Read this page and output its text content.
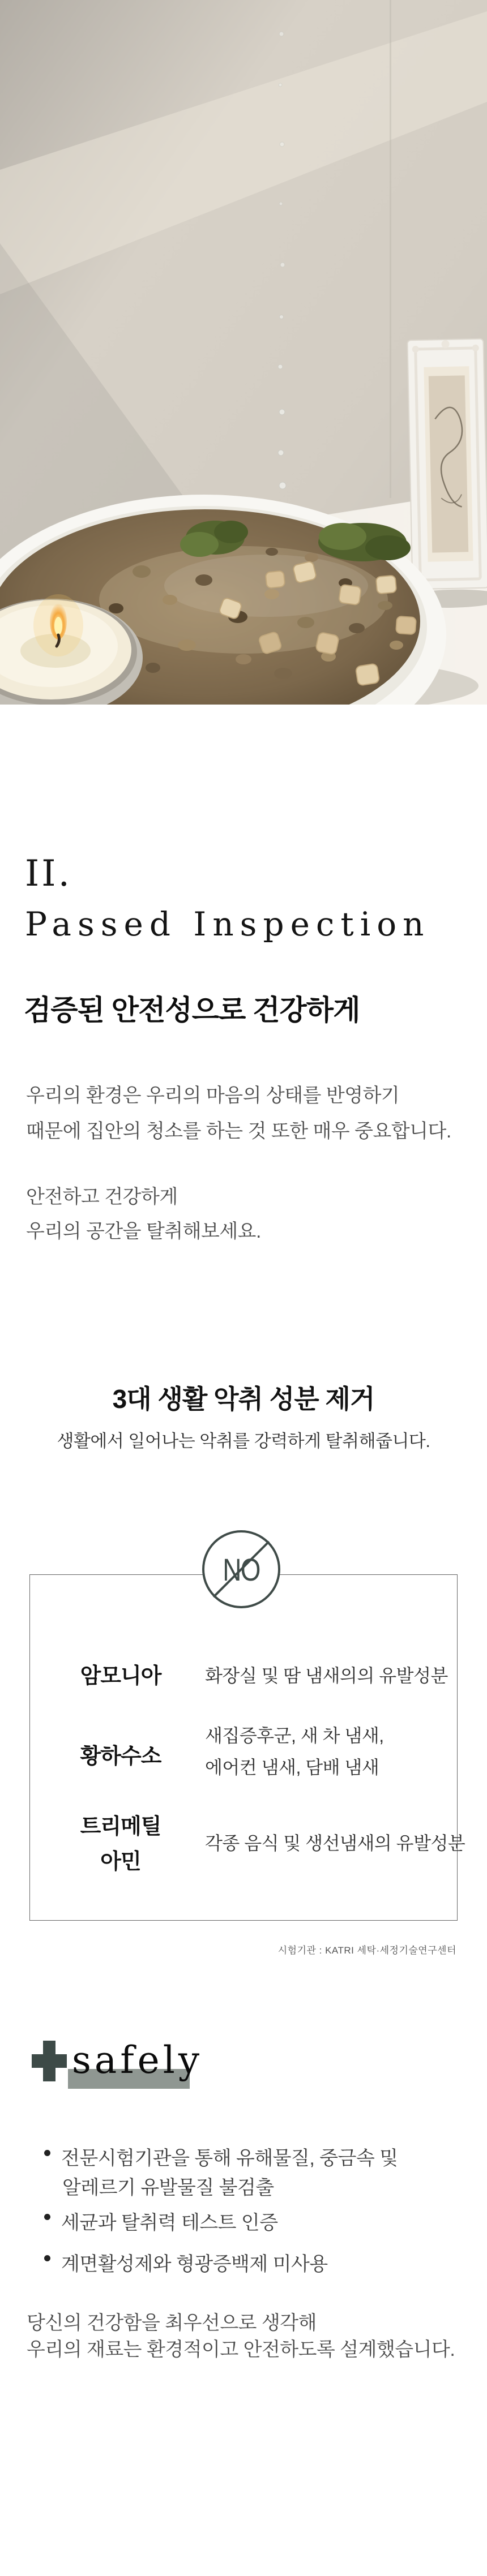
II.
Passed Inspection
검증된 안전성으로 건강하게
우리의 환경은 우리의 마음의 상태를 반영하기
때문에 집안의 청소를 하는 것 또한 매우 중요합니다.
안전하고 건강하게
우리의 공간을 탈취해보세요.
3대 생활 악취 성분 제거
생활에서 일어나는 악취를 강력하게 탈취해줍니다.
NO
암모니아 화장실 및 땀 냄새의의 유발성분
새집증후군, 새 차 냄새,
황하수소 에어컨 냄새, 담배 냄새
트리메틸
각종 음식 및 생선냄새의 유발성분
아민
시험기관 : KATRI 세탁·세정기술연구센터
safely
전문시험기관을 통해 유해물질, 중금속 및
알레르기 유발물질 불검출
세균과 탈취력 테스트 인증
계면활성제와 형광증백제 미사용
당신의 건강함을 최우선으로 생각해
우리의 재료는 환경적이고 안전하도록 설계했습니다.
